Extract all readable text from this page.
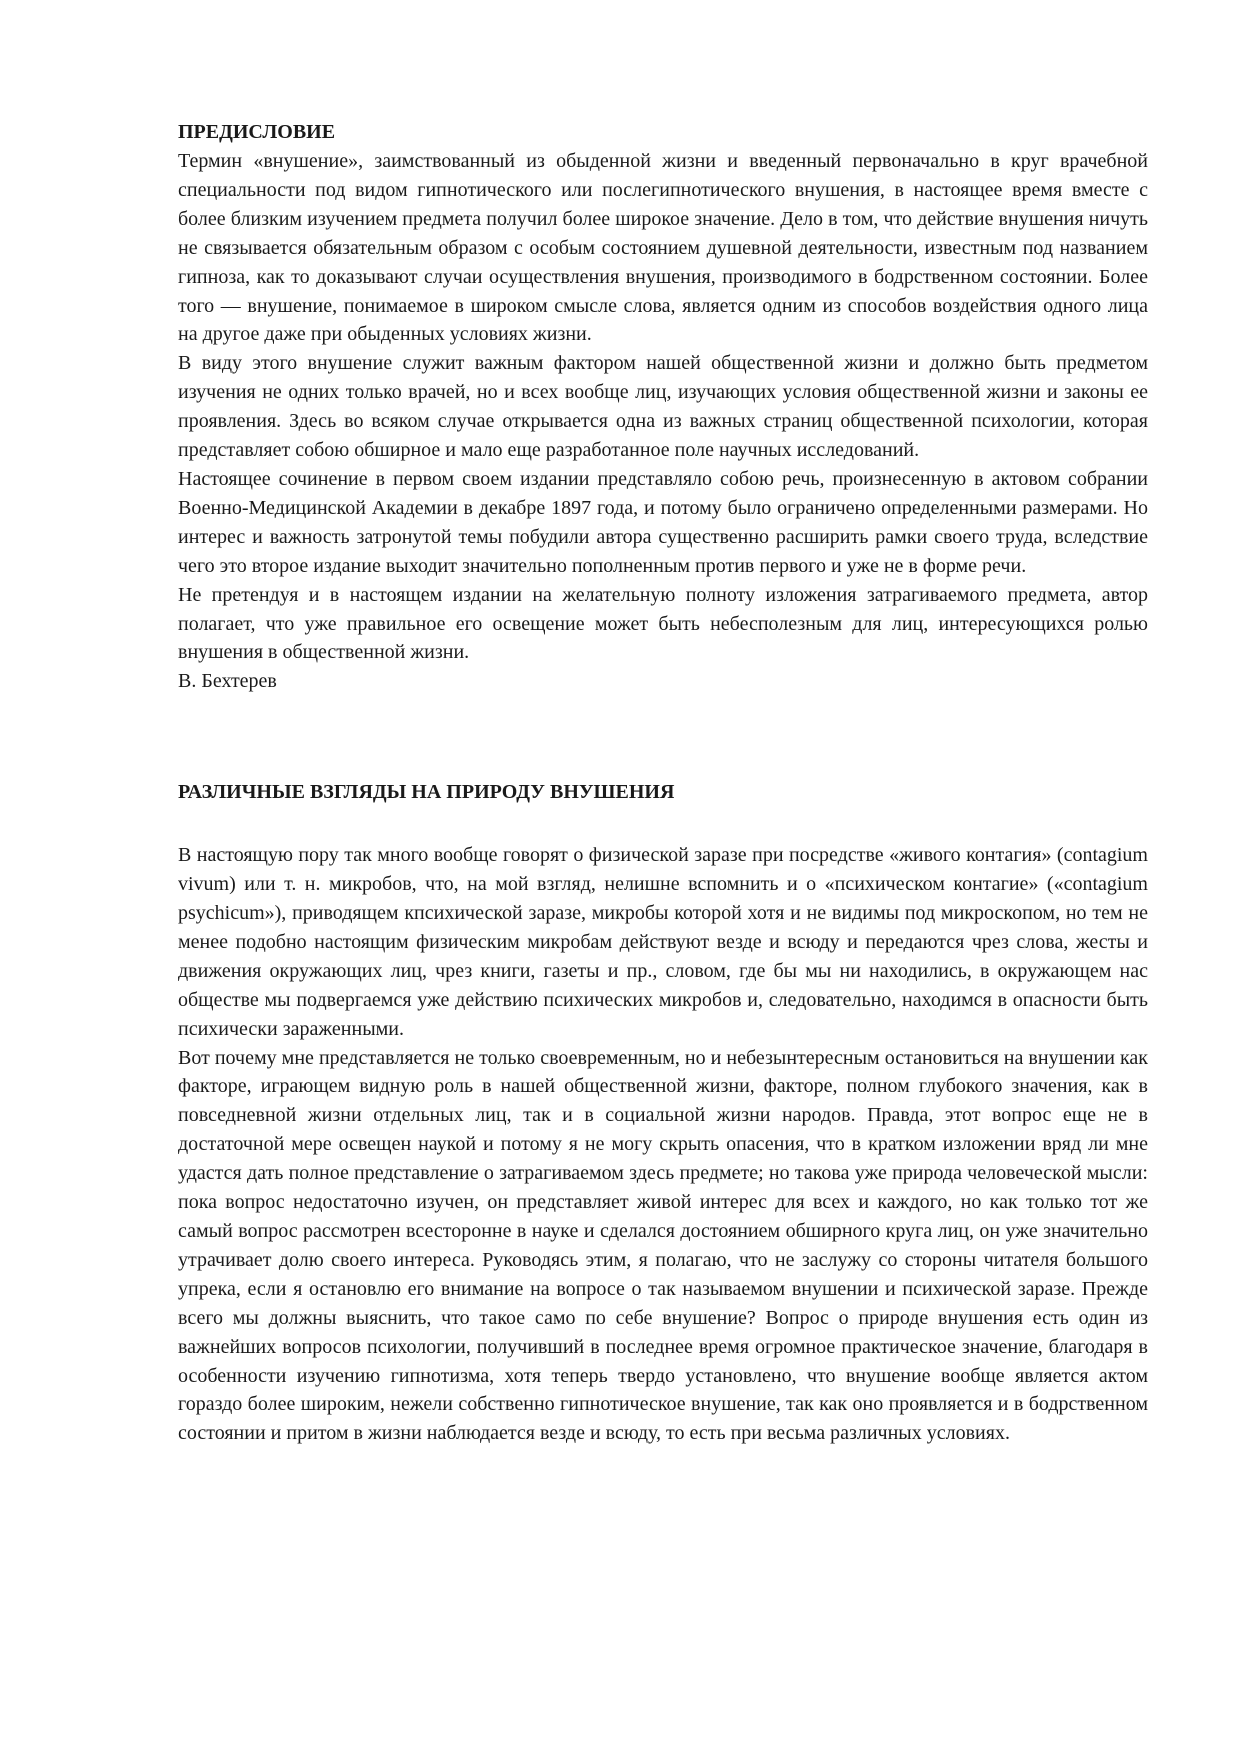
ПРЕДИСЛОВИЕ

Термин «внушение», заимствованный из обыденной жизни и введенный первоначально в круг врачебной специальности под видом гипнотического или послегипнотического внушения, в настоящее время вместе с более близким изучением предмета получил более широкое значение. Дело в том, что действие внушения ничуть не связывается обязательным образом с особым состоянием душевной деятельности, известным под названием гипноза, как то доказывают случаи осуществления внушения, производимого в бодрственном состоянии. Более того — внушение, понимаемое в широком смысле слова, является одним из способов воздействия одного лица на другое даже при обыденных условиях жизни.

В виду этого внушение служит важным фактором нашей общественной жизни и должно быть предметом изучения не одних только врачей, но и всех вообще лиц, изучающих условия общественной жизни и законы ее проявления. Здесь во всяком случае открывается одна из важных страниц общественной психологии, которая представляет собою обширное и мало еще разработанное поле научных исследований.

Настоящее сочинение в первом своем издании представляло собою речь, произнесенную в актовом собрании Военно-Медицинской Академии в декабре 1897 года, и потому было ограничено определенными размерами. Но интерес и важность затронутой темы побудили автора существенно расширить рамки своего труда, вследствие чего это второе издание выходит значительно пополненным против первого и уже не в форме речи.

Не претендуя и в настоящем издании на желательную полноту изложения затрагиваемого предмета, автор полагает, что уже правильное его освещение может быть небесполезным для лиц, интересующихся ролью внушения в общественной жизни.

В. Бехтерев

РАЗЛИЧНЫЕ ВЗГЛЯДЫ НА ПРИРОДУ ВНУШЕНИЯ

В настоящую пору так много вообще говорят о физической заразе при посредстве «живого контагия» (contagium vivum) или т. н. микробов, что, на мой взгляд, нелишне вспомнить и о «психическом контагие» («contagium psychicum»), приводящем кпсихической заразе, микробы которой хотя и не видимы под микроскопом, но тем не менее подобно настоящим физическим микробам действуют везде и всюду и передаются чрез слова, жесты и движения окружающих лиц, чрез книги, газеты и пр., словом, где бы мы ни находились, в окружающем нас обществе мы подвергаемся уже действию психических микробов и, следовательно, находимся в опасности быть психически зараженными.

Вот почему мне представляется не только своевременным, но и небезынтересным остановиться на внушении как факторе, играющем видную роль в нашей общественной жизни, факторе, полном глубокого значения, как в повседневной жизни отдельных лиц, так и в социальной жизни народов. Правда, этот вопрос еще не в достаточной мере освещен наукой и потому я не могу скрыть опасения, что в кратком изложении вряд ли мне удастся дать полное представление о затрагиваемом здесь предмете; но такова уже природа человеческой мысли: пока вопрос недостаточно изучен, он представляет живой интерес для всех и каждого, но как только тот же самый вопрос рассмотрен всесторонне в науке и сделался достоянием обширного круга лиц, он уже значительно утрачивает долю своего интереса. Руководясь этим, я полагаю, что не заслужу со стороны читателя большого упрека, если я остановлю его внимание на вопросе о так называемом внушении и психической заразе. Прежде всего мы должны выяснить, что такое само по себе внушение? Вопрос о природе внушения есть один из важнейших вопросов психологии, получивший в последнее время огромное практическое значение, благодаря в особенности изучению гипнотизма, хотя теперь твердо установлено, что внушение вообще является актом гораздо более широким, нежели собственно гипнотическое внушение, так как оно проявляется и в бодрственном состоянии и притом в жизни наблюдается везде и всюду, то есть при весьма различных условиях.
